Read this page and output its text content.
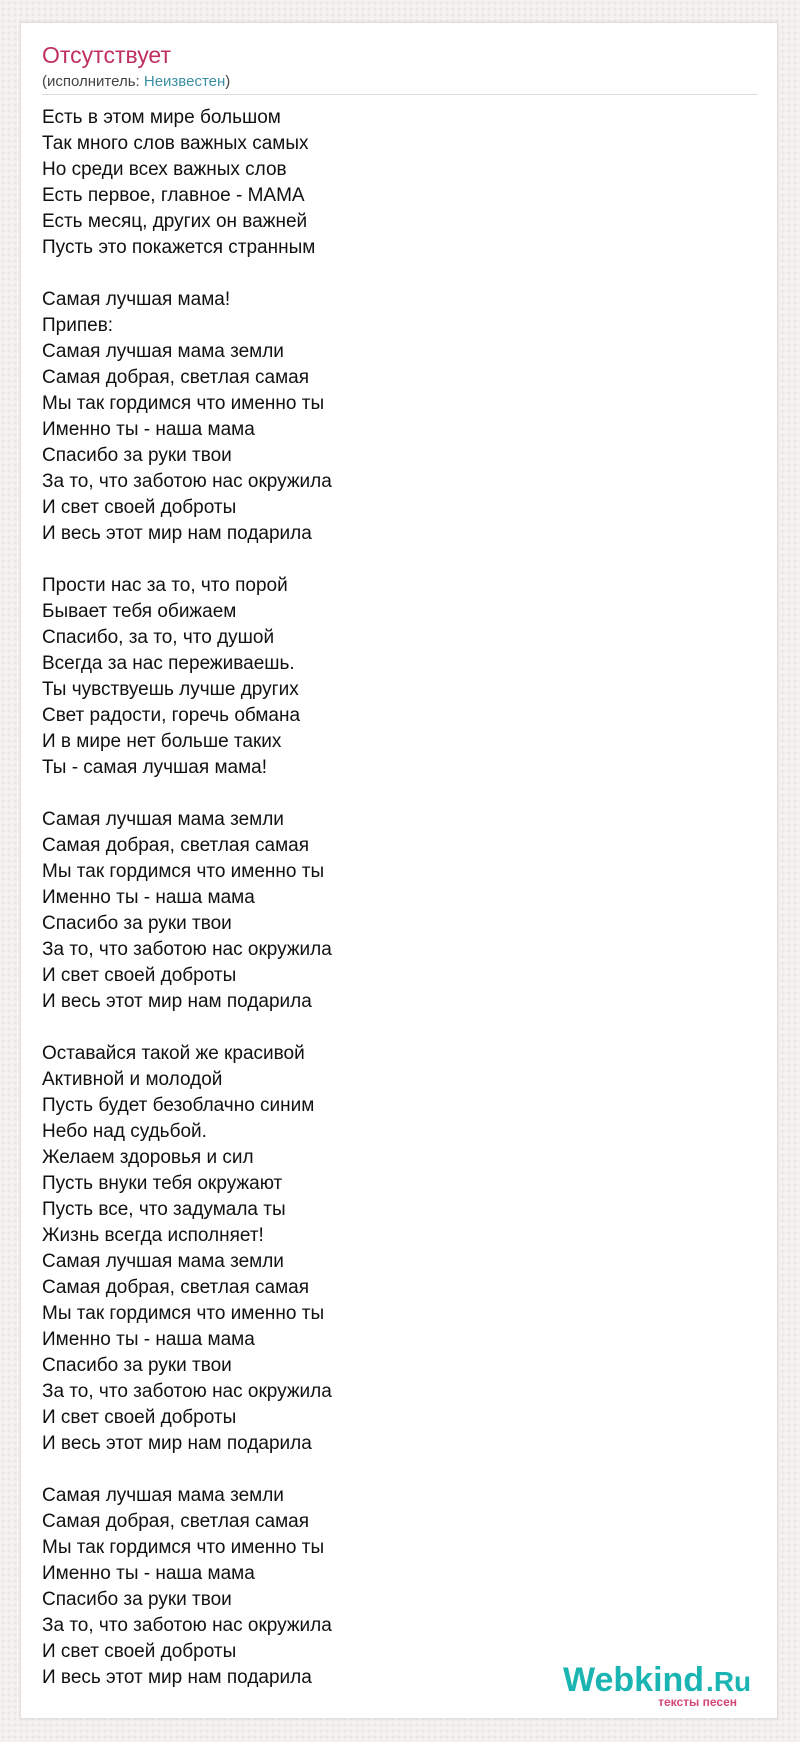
Отсутствует
(исполнитель: Неизвестен)
Есть в этом мире большом
Так много слов важных самых
Но среди всех важных слов
Есть первое, главное - МАМА
Есть месяц, других он важней
Пусть это покажется странным

Самая лучшая мама!
Припев:
Самая лучшая мама земли
Самая добрая, светлая самая
Мы так гордимся что именно ты
Именно ты - наша мама
Спасибо за руки твои
За то, что заботою нас окружила
И свет своей доброты
И весь этот мир нам подарила

Прости нас за то, что порой
Бывает тебя обижаем
Спасибо, за то, что душой
Всегда за нас переживаешь.
Ты чувствуешь лучше других
Свет радости, горечь обмана
И в мире нет больше таких
Ты - самая лучшая мама!

Самая лучшая мама земли
Самая добрая, светлая самая
Мы так гордимся что именно ты
Именно ты - наша мама
Спасибо за руки твои
За то, что заботою нас окружила
И свет своей доброты
И весь этот мир нам подарила

Оставайся такой же красивой
Активной и молодой
Пусть будет безоблачно синим
Небо над судьбой.
Желаем здоровья и сил
Пусть внуки тебя окружают
Пусть все, что задумала ты
Жизнь всегда исполняет!
Самая лучшая мама земли
Самая добрая, светлая самая
Мы так гордимся что именно ты
Именно ты - наша мама
Спасибо за руки твои
За то, что заботою нас окружила
И свет своей доброты
И весь этот мир нам подарила

Самая лучшая мама земли
Самая добрая, светлая самая
Мы так гордимся что именно ты
Именно ты - наша мама
Спасибо за руки твои
За то, что заботою нас окружила
И свет своей доброты
И весь этот мир нам подарила	Webkind.Ru
тексты песен
